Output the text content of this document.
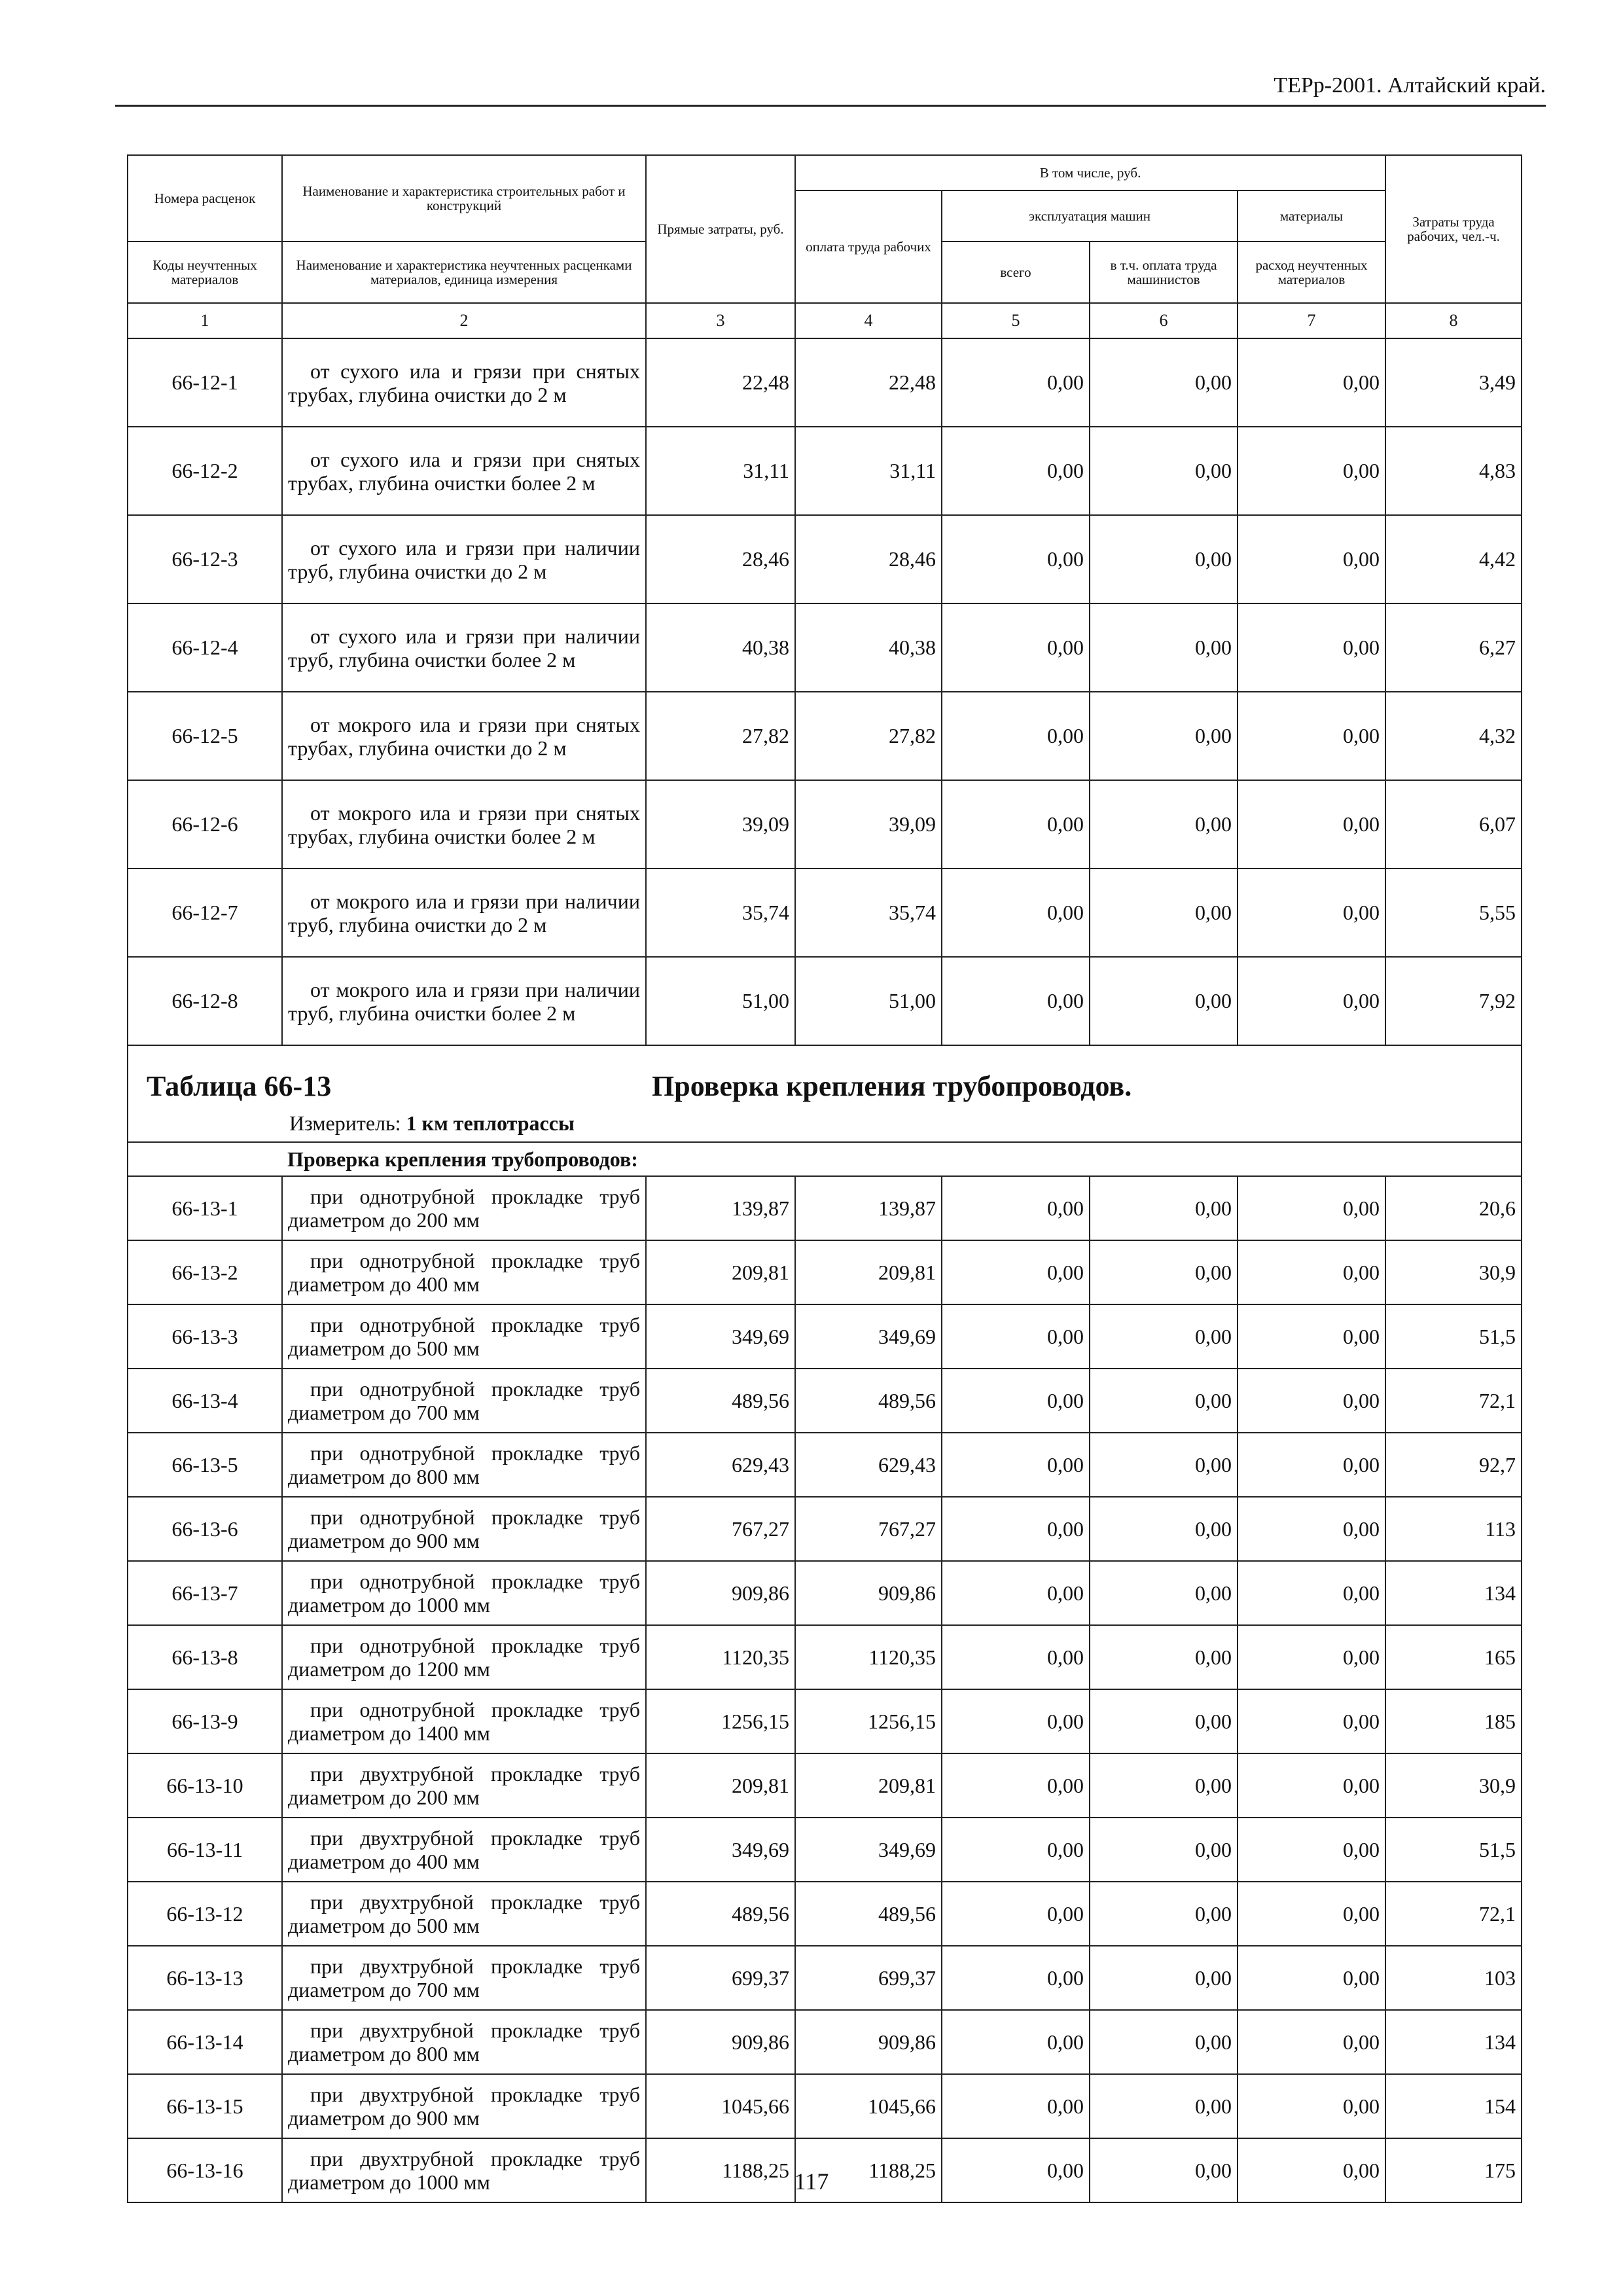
ТЕРр-2001. Алтайский край.
Номера расценок	Наименование и характеристика строительных работ и конструкций	Прямые затраты, руб.	В том числе, руб.				Затраты труда рабочих, чел.-ч.
			оплата труда рабочих	эксплуатация машин		материалы	
Коды неучтенных материалов	Наименование и характеристика неучтенных расценками материалов, единица измерения			всего	в т.ч. оплата труда машинистов	расход неучтенных материалов	
1	2	3	4	5	6	7	8
66-12-1	от сухого ила и грязи при снятых трубах, глубина очистки до 2 м	22,48	22,48	0,00	0,00	0,00	3,49
66-12-2	от сухого ила и грязи при снятых трубах, глубина очистки более 2 м	31,11	31,11	0,00	0,00	0,00	4,83
66-12-3	от сухого ила и грязи при наличии труб, глубина очистки до 2 м	28,46	28,46	0,00	0,00	0,00	4,42
66-12-4	от сухого ила и грязи при наличии труб, глубина очистки более 2 м	40,38	40,38	0,00	0,00	0,00	6,27
66-12-5	от мокрого ила и грязи при снятых трубах, глубина очистки до 2 м	27,82	27,82	0,00	0,00	0,00	4,32
66-12-6	от мокрого ила и грязи при снятых трубах, глубина очистки более 2 м	39,09	39,09	0,00	0,00	0,00	6,07
66-12-7	от мокрого ила и грязи при наличии труб, глубина очистки до 2 м	35,74	35,74	0,00	0,00	0,00	5,55
66-12-8	от мокрого ила и грязи при наличии труб, глубина очистки более 2 м	51,00	51,00	0,00	0,00	0,00	7,92

Таблица 66-13 Проверка крепления трубопроводов.
Измеритель: 1 км теплотрассы							

	Проверка крепления трубопроводов:						
66-13-1	при однотрубной прокладке труб диаметром до 200 мм	139,87	139,87	0,00	0,00	0,00	20,6
66-13-2	при однотрубной прокладке труб диаметром до 400 мм	209,81	209,81	0,00	0,00	0,00	30,9
66-13-3	при однотрубной прокладке труб диаметром до 500 мм	349,69	349,69	0,00	0,00	0,00	51,5
66-13-4	при однотрубной прокладке труб диаметром до 700 мм	489,56	489,56	0,00	0,00	0,00	72,1
66-13-5	при однотрубной прокладке труб диаметром до 800 мм	629,43	629,43	0,00	0,00	0,00	92,7
66-13-6	при однотрубной прокладке труб диаметром до 900 мм	767,27	767,27	0,00	0,00	0,00	113
66-13-7	при однотрубной прокладке труб диаметром до 1000 мм	909,86	909,86	0,00	0,00	0,00	134
66-13-8	при однотрубной прокладке труб диаметром до 1200 мм	1120,35	1120,35	0,00	0,00	0,00	165
66-13-9	при однотрубной прокладке труб диаметром до 1400 мм	1256,15	1256,15	0,00	0,00	0,00	185
66-13-10	при двухтрубной прокладке труб диаметром до 200 мм	209,81	209,81	0,00	0,00	0,00	30,9
66-13-11	при двухтрубной прокладке труб диаметром до 400 мм	349,69	349,69	0,00	0,00	0,00	51,5
66-13-12	при двухтрубной прокладке труб диаметром до 500 мм	489,56	489,56	0,00	0,00	0,00	72,1
66-13-13	при двухтрубной прокладке труб диаметром до 700 мм	699,37	699,37	0,00	0,00	0,00	103
66-13-14	при двухтрубной прокладке труб диаметром до 800 мм	909,86	909,86	0,00	0,00	0,00	134
66-13-15	при двухтрубной прокладке труб диаметром до 900 мм	1045,66	1045,66	0,00	0,00	0,00	154
66-13-16	при двухтрубной прокладке труб диаметром до 1000 мм	1188,25	1188,25	0,00	0,00	0,00	175
117
